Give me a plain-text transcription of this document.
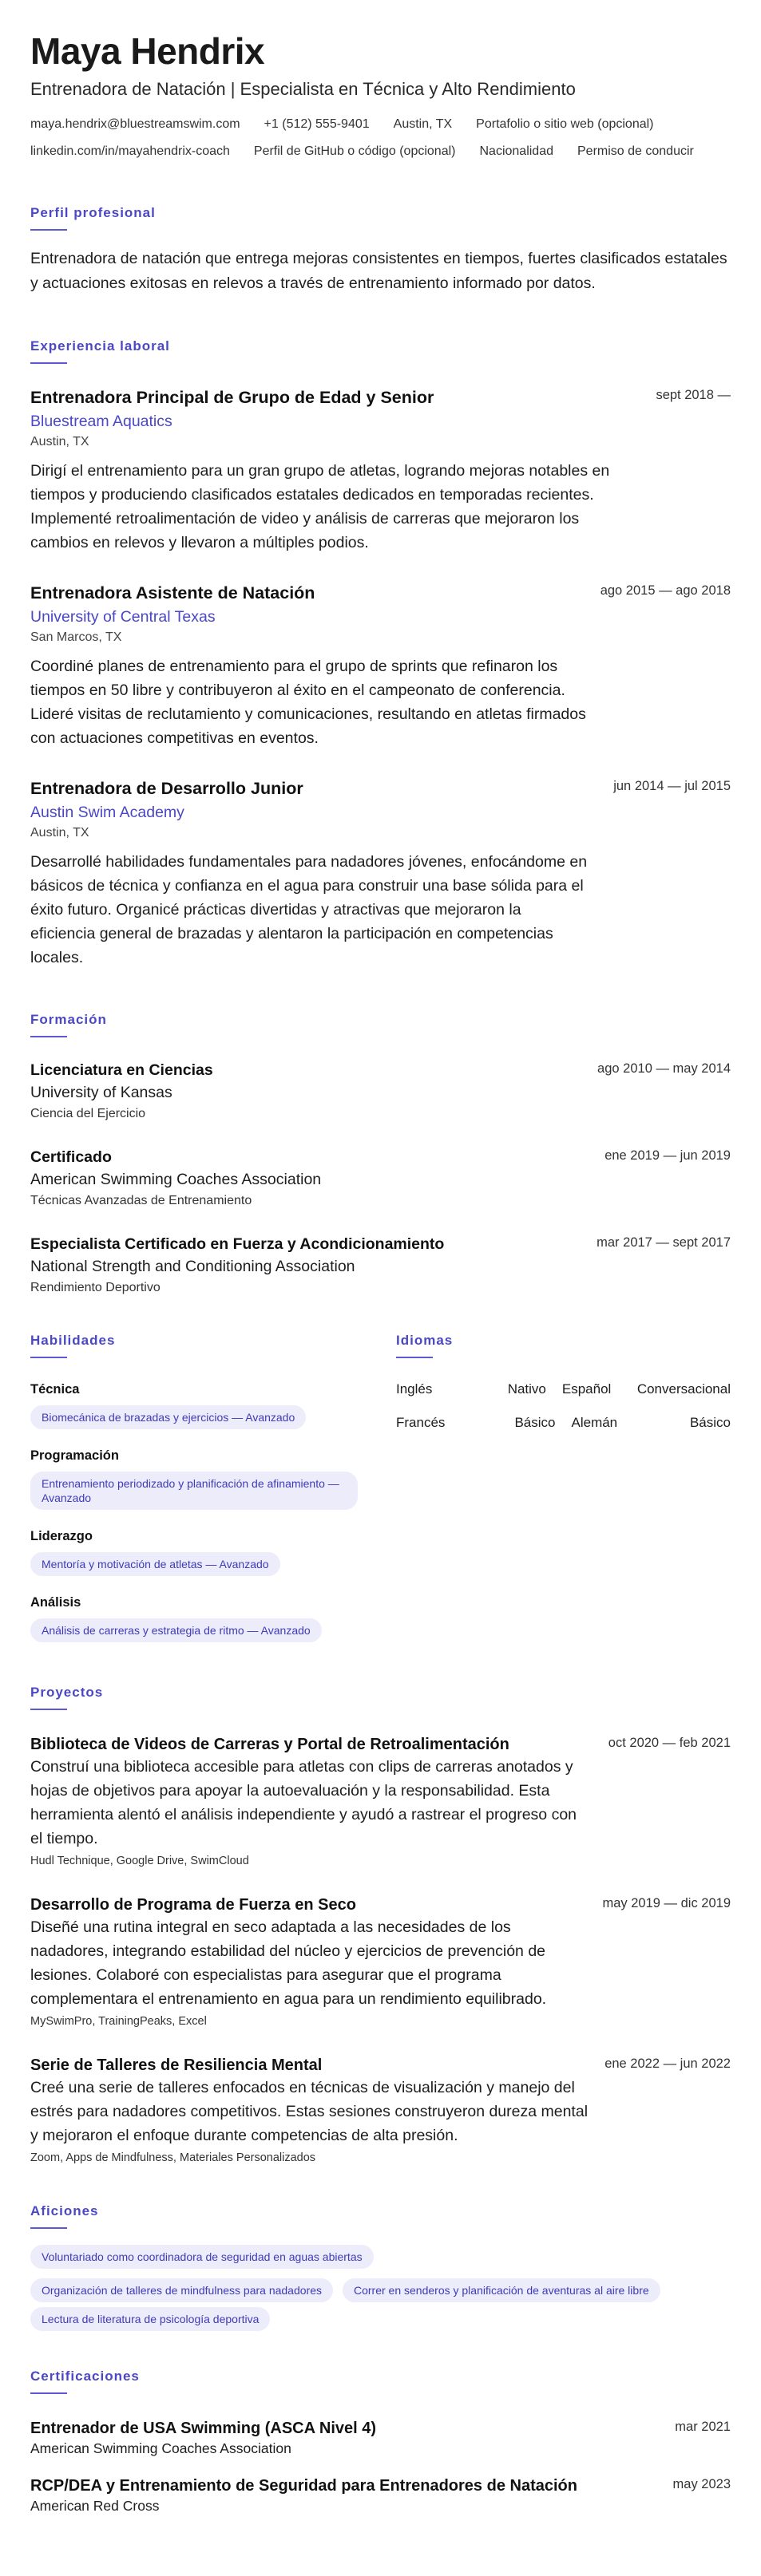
Maya Hendrix
Entrenadora de Natación | Especialista en Técnica y Alto Rendimiento
maya.hendrix@bluestreamswim.com +1 (512) 555-9401 Austin, TX Portafolio o sitio web (opcional)
linkedin.com/in/mayahendrix-coach Perfil de GitHub o código (opcional) Nacionalidad Permiso de conducir
Perfil profesional

Entrenadora de natación que entrega mejoras consistentes en tiempos, fuertes clasificados estatales y actuaciones exitosas en relevos a través de entrenamiento informado por datos.

Experiencia laboral
Entrenadora Principal de Grupo de Edad y Senior	sept 2018 —
Bluestream Aquatics
Austin, TX
Dirigí el entrenamiento para un gran grupo de atletas, logrando mejoras notables en tiempos y produciendo clasificados estatales dedicados en temporadas recientes. Implementé retroalimentación de video y análisis de carreras que mejoraron los cambios en relevos y llevaron a múltiples podios.
Entrenadora Asistente de Natación	ago 2015 — ago 2018
University of Central Texas
San Marcos, TX
Coordiné planes de entrenamiento para el grupo de sprints que refinaron los tiempos en 50 libre y contribuyeron al éxito en el campeonato de conferencia. Lideré visitas de reclutamiento y comunicaciones, resultando en atletas firmados con actuaciones competitivas en eventos.
Entrenadora de Desarrollo Junior	jun 2014 — jul 2015
Austin Swim Academy
Austin, TX
Desarrollé habilidades fundamentales para nadadores jóvenes, enfocándome en básicos de técnica y confianza en el agua para construir una base sólida para el éxito futuro. Organicé prácticas divertidas y atractivas que mejoraron la eficiencia general de brazadas y alentaron la participación en competencias locales.
Formación
Licenciatura en Ciencias	ago 2010 — may 2014
University of Kansas
Ciencia del Ejercicio
Certificado	ene 2019 — jun 2019
American Swimming Coaches Association
Técnicas Avanzadas de Entrenamiento
Especialista Certificado en Fuerza y Acondicionamiento	mar 2017 — sept 2017
National Strength and Conditioning Association
Rendimiento Deportivo
Habilidades
Técnica
Biomecánica de brazadas y ejercicios — Avanzado
Programación
Entrenamiento periodizado y planificación de afinamiento — Avanzado
Liderazgo
Mentoría y motivación de atletas — Avanzado
Análisis
Análisis de carreras y estrategia de ritmo — Avanzado
Idiomas
Inglés	Nativo	Español	Conversacional
Francés	Básico	Alemán	Básico
Proyectos
Biblioteca de Videos de Carreras y Portal de Retroalimentación	oct 2020 — feb 2021
Construí una biblioteca accesible para atletas con clips de carreras anotados y hojas de objetivos para apoyar la autoevaluación y la responsabilidad. Esta herramienta alentó el análisis independiente y ayudó a rastrear el progreso con el tiempo.
Hudl Technique, Google Drive, SwimCloud
Desarrollo de Programa de Fuerza en Seco	may 2019 — dic 2019
Diseñé una rutina integral en seco adaptada a las necesidades de los nadadores, integrando estabilidad del núcleo y ejercicios de prevención de lesiones. Colaboré con especialistas para asegurar que el programa complementara el entrenamiento en agua para un rendimiento equilibrado.
MySwimPro, TrainingPeaks, Excel
Serie de Talleres de Resiliencia Mental	ene 2022 — jun 2022
Creé una serie de talleres enfocados en técnicas de visualización y manejo del estrés para nadadores competitivos. Estas sesiones construyeron dureza mental y mejoraron el enfoque durante competencias de alta presión.
Zoom, Apps de Mindfulness, Materiales Personalizados
Aficiones
Voluntariado como coordinadora de seguridad en aguas abiertas
Organización de talleres de mindfulness para nadadores	Correr en senderos y planificación de aventuras al aire libre
Lectura de literatura de psicología deportiva
Certificaciones
Entrenador de USA Swimming (ASCA Nivel 4)	mar 2021
American Swimming Coaches Association
RCP/DEA y Entrenamiento de Seguridad para Entrenadores de Natación	may 2023
American Red Cross
